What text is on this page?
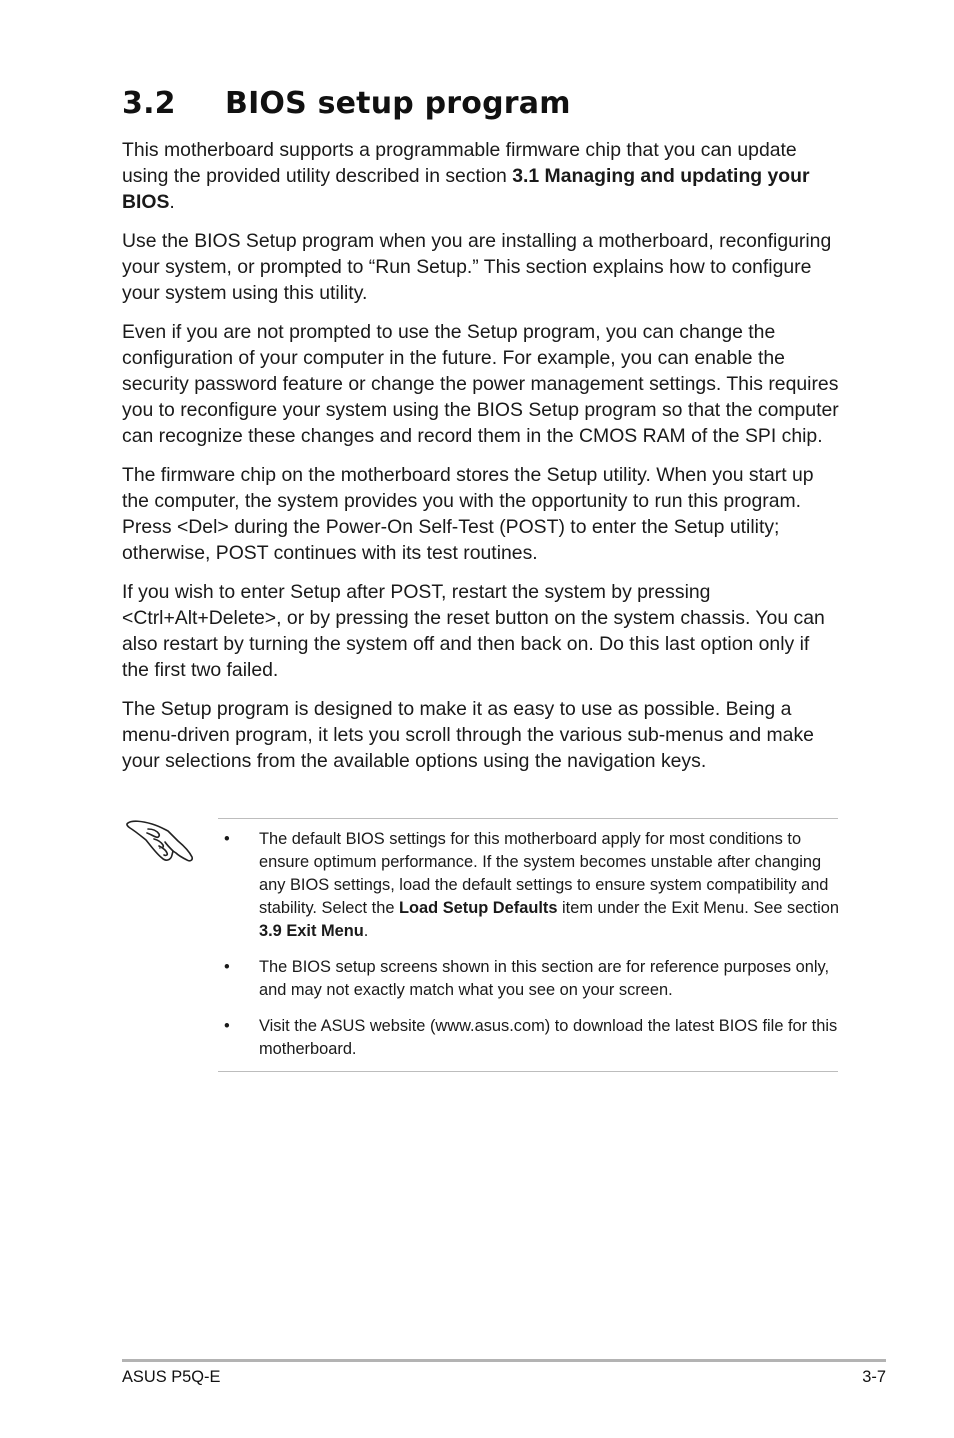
3.2 BIOS setup program

This motherboard supports a programmable firmware chip that you can update using the provided utility described in section 3.1 Managing and updating your BIOS.

Use the BIOS Setup program when you are installing a motherboard, reconfiguring your system, or prompted to “Run Setup.” This section explains how to configure your system using this utility.

Even if you are not prompted to use the Setup program, you can change the configuration of your computer in the future. For example, you can enable the security password feature or change the power management settings. This requires you to reconfigure your system using the BIOS Setup program so that the computer can recognize these changes and record them in the CMOS RAM of the SPI chip.

The firmware chip on the motherboard stores the Setup utility. When you start up the computer, the system provides you with the opportunity to run this program. Press <Del> during the Power-On Self-Test (POST) to enter the Setup utility; otherwise, POST continues with its test routines.

If you wish to enter Setup after POST, restart the system by pressing <Ctrl+Alt+Delete>, or by pressing the reset button on the system chassis. You can also restart by turning the system off and then back on. Do this last option only if the first two failed.

The Setup program is designed to make it as easy to use as possible. Being a menu-driven program, it lets you scroll through the various sub-menus and make your selections from the available options using the navigation keys.

• The default BIOS settings for this motherboard apply for most conditions to ensure optimum performance. If the system becomes unstable after changing any BIOS settings, load the default settings to ensure system compatibility and stability. Select the Load Setup Defaults item under the Exit Menu. See section 3.9 Exit Menu.
• The BIOS setup screens shown in this section are for reference purposes only, and may not exactly match what you see on your screen.
• Visit the ASUS website (www.asus.com) to download the latest BIOS file for this motherboard.
ASUS P5Q-E	3-7
